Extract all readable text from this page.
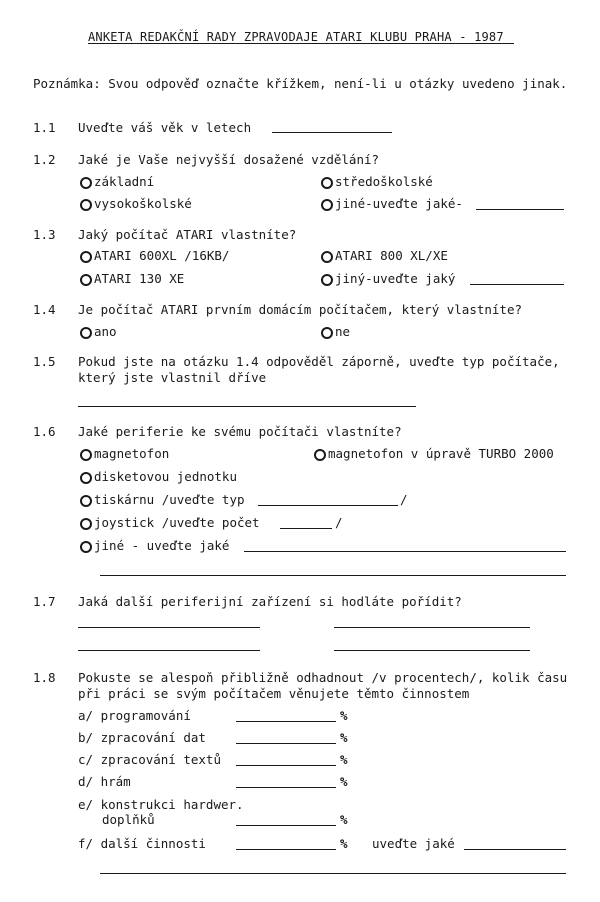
ANKETA REDAKČNÍ RADY ZPRAVODAJE ATARI KLUBU PRAHA - 1987
Poznámka: Svou odpověď označte křížkem, není-li u otázky uvedeno jinak.
1.1 Uveďte váš věk v letech
1.2 Jaké je Vaše nejvyšší dosažené vzdělání?
základní	středoškolské
vysokoškolské	jiné-uveďte jaké-
1.3 Jaký počítač ATARI vlastníte?
ATARI 600XL /16KB/	ATARI 800 XL/XE
ATARI 130 XE	jiný-uveďte jaký
1.4 Je počítač ATARI prvním domácím počítačem, který vlastníte?
ano	ne
1.5 Pokud jste na otázku 1.4 odpověděl záporně, uveďte typ počítače,
který jste vlastnil dříve
1.6 Jaké periferie ke svému počítači vlastníte?
magnetofon	magnetofon v úpravě TURBO 2000
disketovou jednotku
tiskárnu /uveďte typ	/
joystick /uveďte počet	/
jiné - uveďte jaké
1.7 Jaká další periferijní zařízení si hodláte pořídit?
1.8 Pokuste se alespoň přibližně odhadnout /v procentech/, kolik času
při práci se svým počítačem věnujete těmto činnostem
a/ programování	%
b/ zpracování dat	%
c/ zpracování textů	%
d/ hrám	%
e/ konstrukci hardwer.
doplňků	%
f/ další činnosti	% uveďte jaké
